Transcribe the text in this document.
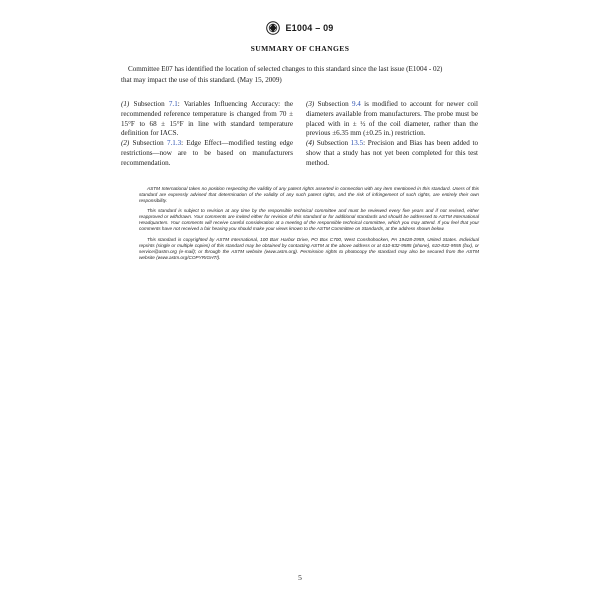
E1004 – 09
SUMMARY OF CHANGES
Committee E07 has identified the location of selected changes to this standard since the last issue (E1004 - 02)
that may impact the use of this standard. (May 15, 2009)

(1) Subsection 7.1: Variables Influencing Accuracy: the recommended reference temperature is changed from 70 ± 15°F to 68 ± 15°F in line with standard temperature definition for IACS.

(2) Subsection 7.1.3: Edge Effect—modified testing edge restrictions—now are to be based on manufacturers recommendation.

(3) Subsection 9.4 is modified to account for newer coil diameters available from manufacturers. The probe must be placed with in ± ½ of the coil diameter, rather than the previous ±6.35 mm (±0.25 in.) restriction.

(4) Subsection 13.5: Precision and Bias has been added to show that a study has not yet been completed for this test method.

ASTM International takes no position respecting the validity of any patent rights asserted in connection with any item mentioned in this standard. Users of this standard are expressly advised that determination of the validity of any such patent rights, and the risk of infringement of such rights, are entirely their own responsibility.
This standard is subject to revision at any time by the responsible technical committee and must be reviewed every five years and if not revised, either reapproved or withdrawn. Your comments are invited either for revision of this standard or for additional standards and should be addressed to ASTM International Headquarters. Your comments will receive careful consideration at a meeting of the responsible technical committee, which you may attend. If you feel that your comments have not received a fair hearing you should make your views known to the ASTM Committee on Standards, at the address shown below.
This standard is copyrighted by ASTM International, 100 Barr Harbor Drive, PO Box C700, West Conshohocken, PA 19428-2959, United States. Individual reprints (single or multiple copies) of this standard may be obtained by contacting ASTM at the above address or at 610-832-9585 (phone), 610-832-9555 (fax), or service@astm.org (e-mail); or through the ASTM website (www.astm.org). Permission rights to photocopy the standard may also be secured from the ASTM website (www.astm.org/COPYRIGHT/).
5
